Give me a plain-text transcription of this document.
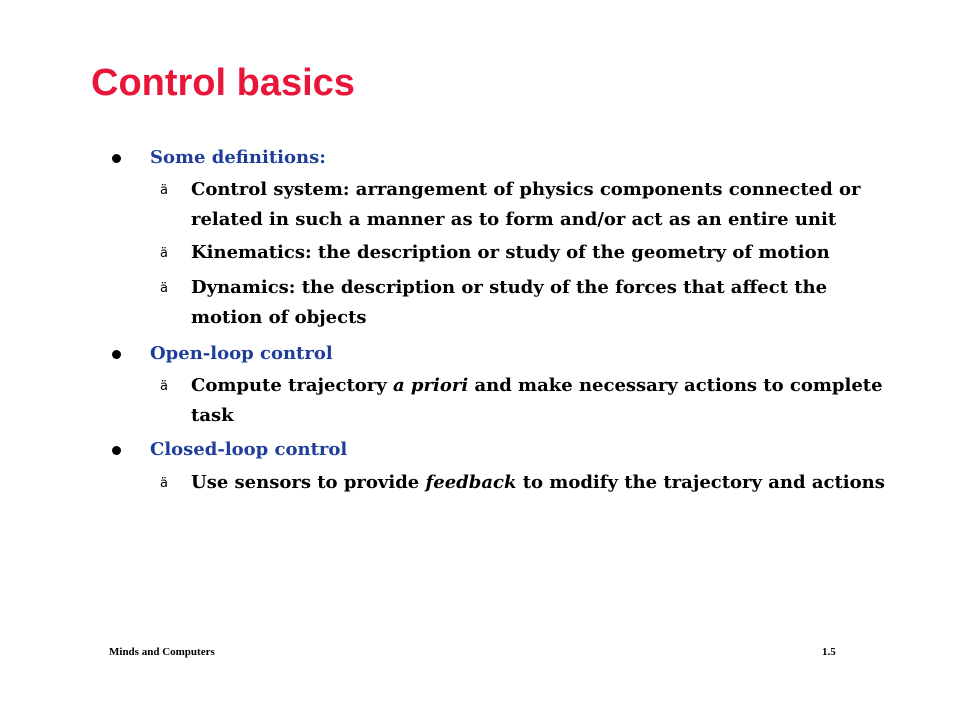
Control basics
Some definitions:
ä Control system: arrangement of physics components connected or related in such a manner as to form and/or act as an entire unit
ä Kinematics: the description or study of the geometry of motion
ä Dynamics: the description or study of the forces that affect the motion of objects
Open-loop control
ä Compute trajectory a priori and make necessary actions to complete task
Closed-loop control
ä Use sensors to provide feedback to modify the trajectory and actions
Minds and Computers	1.5
